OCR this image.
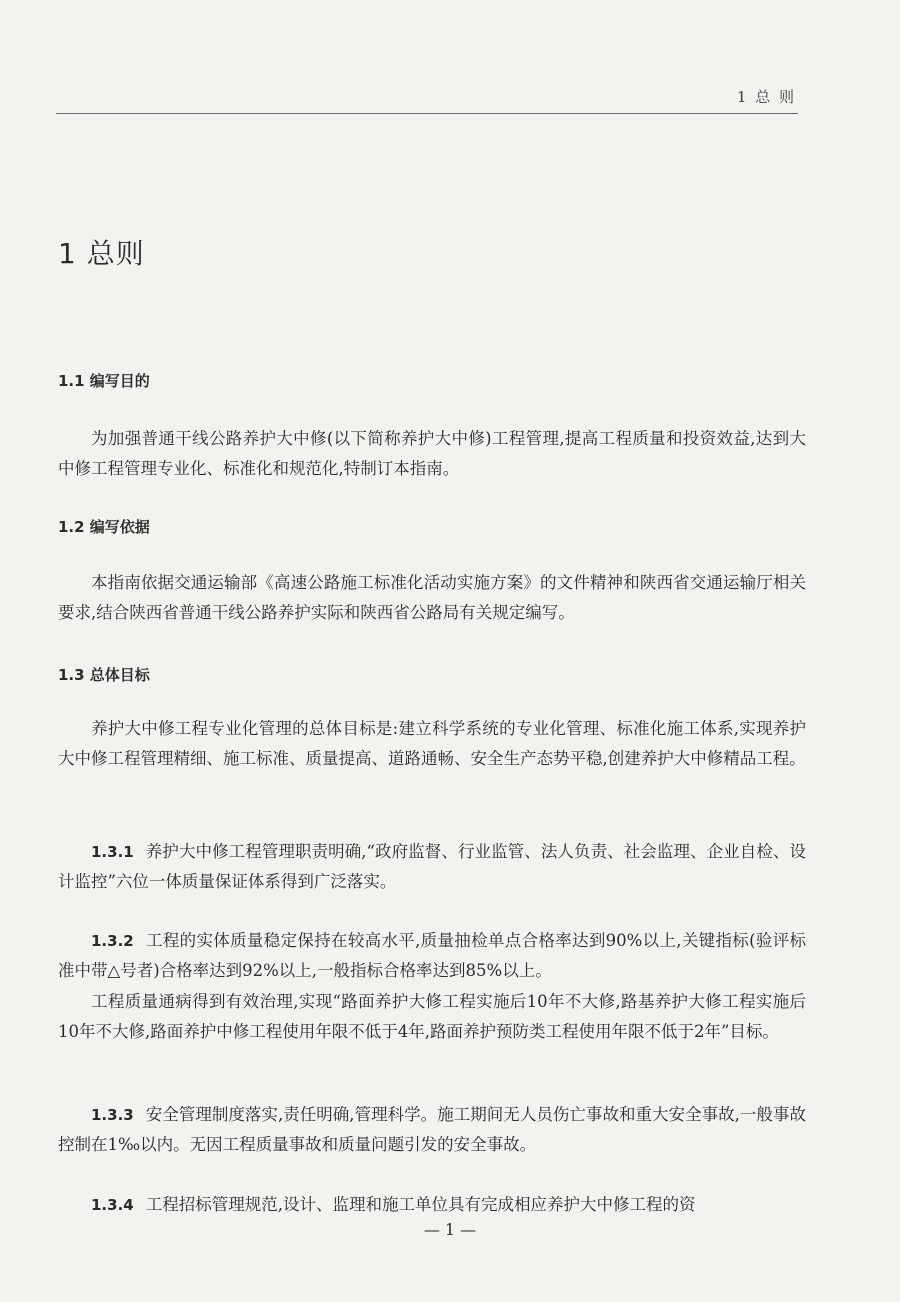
1 总 则
1 总则
1.1 编写目的
为加强普通干线公路养护大中修(以下简称养护大中修)工程管理,提高工程质量和投资效益,达到大中修工程管理专业化、标准化和规范化,特制订本指南。
1.2 编写依据
本指南依据交通运输部《高速公路施工标准化活动实施方案》的文件精神和陕西省交通运输厅相关要求,结合陕西省普通干线公路养护实际和陕西省公路局有关规定编写。
1.3 总体目标
养护大中修工程专业化管理的总体目标是:建立科学系统的专业化管理、标准化施工体系,实现养护大中修工程管理精细、施工标准、质量提高、道路通畅、安全生产态势平稳,创建养护大中修精品工程。
1.3.1 养护大中修工程管理职责明确,“政府监督、行业监管、法人负责、社会监理、企业自检、设计监控”六位一体质量保证体系得到广泛落实。
1.3.2 工程的实体质量稳定保持在较高水平,质量抽检单点合格率达到90%以上,关键指标(验评标准中带△号者)合格率达到92%以上,一般指标合格率达到85%以上。
工程质量通病得到有效治理,实现“路面养护大修工程实施后10年不大修,路基养护大修工程实施后10年不大修,路面养护中修工程使用年限不低于4年,路面养护预防类工程使用年限不低于2年”目标。
1.3.3 安全管理制度落实,责任明确,管理科学。施工期间无人员伤亡事故和重大安全事故,一般事故控制在1‰以内。无因工程质量事故和质量问题引发的安全事故。
1.3.4 工程招标管理规范,设计、监理和施工单位具有完成相应养护大中修工程的资
— 1 —
